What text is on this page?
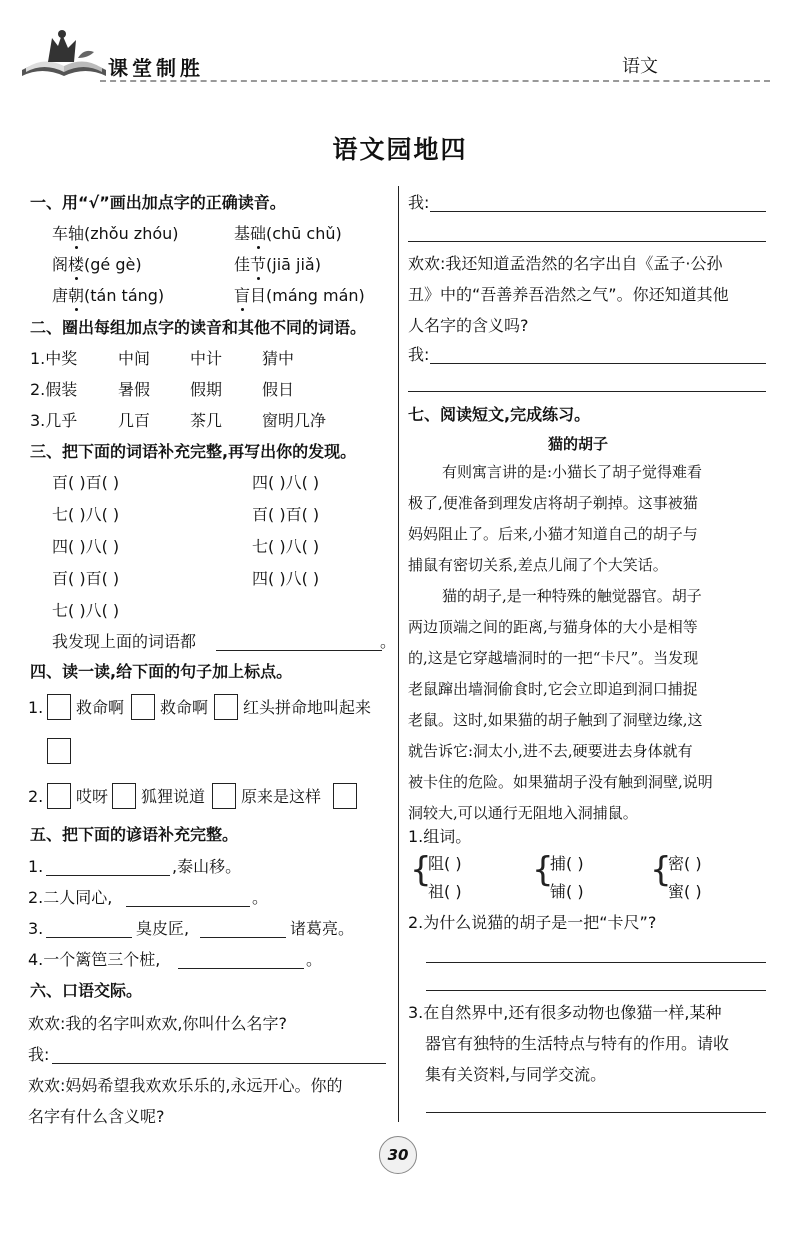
课堂制胜	语文
语文园地四
一、用“√”画出加点字的正确读音。
车轴(zhǒu zhóu)	基础(chū chǔ)
阁楼(gé gè)	佳节(jiā jiǎ)
唐朝(tán táng)	盲目(máng mán)
二、圈出每组加点字的读音和其他不同的词语。
1.中奖	中间 中计 猜中
2.假装	暑假 假期 假日
3.几乎	几百 茶几 窗明几净
三、把下面的词语补充完整,再写出你的发现。
百( )百( )	四( )八( )
七( )八( )	百( )百( )
四( )八( )	七( )八( )
百( )百( )	四( )八( )
七( )八( )
我发现上面的词语都	。
四、读一读,给下面的句子加上标点。
1. 救命啊 救命啊 红头拼命地叫起来
2. 哎呀 狐狸说道 原来是这样
五、把下面的谚语补充完整。
1.	,泰山移。
2.二人同心,	。
3.	臭皮匠,	诸葛亮。
4.一个篱笆三个桩,	。
六、口语交际。
欢欢:我的名字叫欢欢,你叫什么名字?
我:
欢欢:妈妈希望我欢欢乐乐的,永远开心。你的
名字有什么含义呢?
我:
欢欢:我还知道孟浩然的名字出自《孟子·公孙
丑》中的“吾善养吾浩然之气”。你还知道其他
人名字的含义吗?
我:
七、阅读短文,完成练习。
猫的胡子
有则寓言讲的是:小猫长了胡子觉得难看
极了,便准备到理发店将胡子剃掉。这事被猫
妈妈阻止了。后来,小猫才知道自己的胡子与
捕鼠有密切关系,差点儿闹了个大笑话。
猫的胡子,是一种特殊的触觉器官。胡子
两边顶端之间的距离,与猫身体的大小是相等
的,这是它穿越墙洞时的一把“卡尺”。当发现
老鼠蹿出墙洞偷食时,它会立即追到洞口捕捉
老鼠。这时,如果猫的胡子触到了洞壁边缘,这
就告诉它:洞太小,进不去,硬要进去身体就有
被卡住的危险。如果猫胡子没有触到洞壁,说明
洞较大,可以通行无阻地入洞捕鼠。
1.组词。
{
阻( )
祖( )
{
捕( )
铺( )
{
密( )
蜜( )
2.为什么说猫的胡子是一把“卡尺”?
3.在自然界中,还有很多动物也像猫一样,某种
器官有独特的生活特点与特有的作用。请收
集有关资料,与同学交流。
30
